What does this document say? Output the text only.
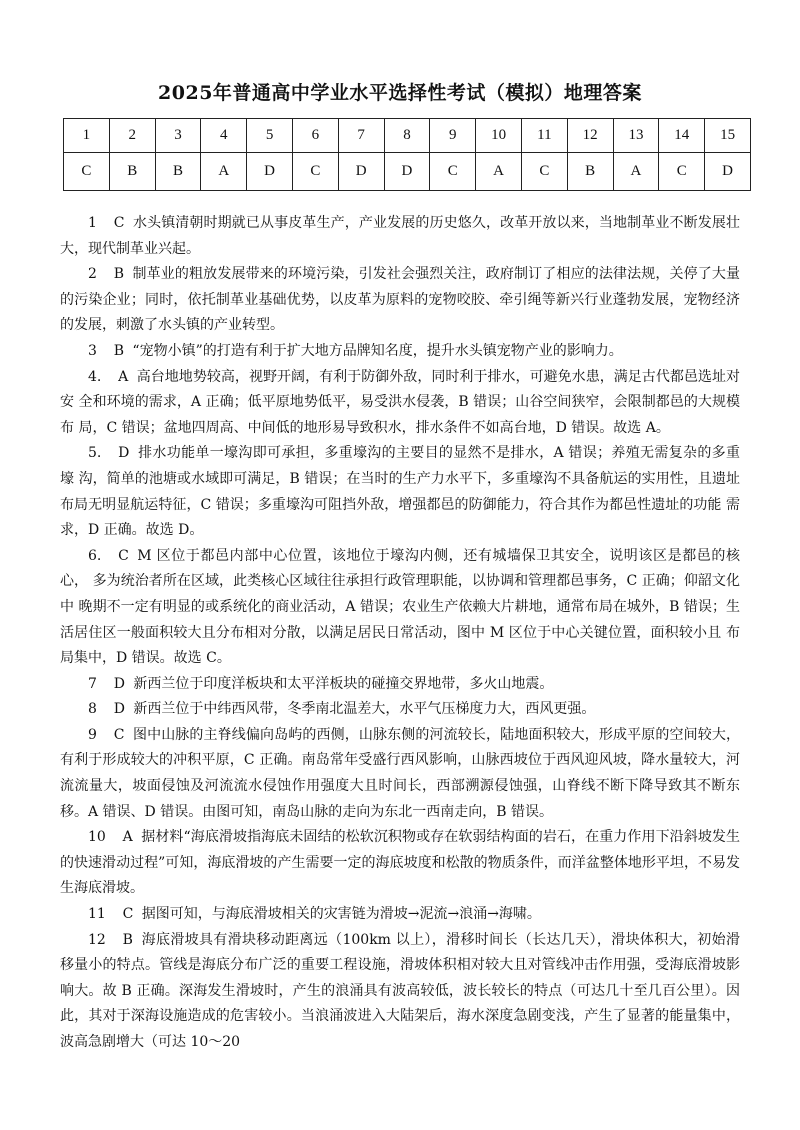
2025年普通高中学业水平选择性考试（模拟）地理答案
1	2	3	4	5	6	7	8	9	10	11	12	13	14	15
C	B	B	A	D	C	D	D	C	A	C	B	A	C	D

1 C 水头镇清朝时期就已从事皮革生产，产业发展的历史悠久，改革开放以来，当地制革业不断发展壮大，现代制革业兴起。

2 B 制革业的粗放发展带来的环境污染，引发社会强烈关注，政府制订了相应的法律法规，关停了大量的污染企业；同时，依托制革业基础优势，以皮革为原料的宠物咬胶、牵引绳等新兴行业蓬勃发展，宠物经济的发展，刺激了水头镇的产业转型。

3 B “宠物小镇”的打造有利于扩大地方品牌知名度，提升水头镇宠物产业的影响力。

4. A 高台地地势较高，视野开阔，有利于防御外敌，同时利于排水，可避免水患，满足古代都邑选址对安 全和环境的需求，A 正确；低平原地势低平，易受洪水侵袭，B 错误；山谷空间狭窄，会限制都邑的大规模布 局，C 错误；盆地四周高、中间低的地形易导致积水，排水条件不如高台地，D 错误。故选 A。

5. D 排水功能单一壕沟即可承担，多重壕沟的主要目的显然不是排水，A 错误；养殖无需复杂的多重壕 沟，简单的池塘或水域即可满足，B 错误；在当时的生产力水平下，多重壕沟不具备航运的实用性，且遗址 布局无明显航运特征，C 错误；多重壕沟可阻挡外敌，增强都邑的防御能力，符合其作为都邑性遗址的功能 需 求，D 正确。故选 D。

6. C M 区位于都邑内部中心位置，该地位于壕沟内侧，还有城墙保卫其安全，说明该区是都邑的核心， 多为统治者所在区域，此类核心区域往往承担行政管理职能，以协调和管理都邑事务，C 正确；仰韶文化中 晚期不一定有明显的或系统化的商业活动，A 错误；农业生产依赖大片耕地，通常布局在城外，B 错误；生 活居住区一般面积较大且分布相对分散，以满足居民日常活动，图中 M 区位于中心关键位置，面积较小且 布局集中，D 错误。故选 C。

7 D 新西兰位于印度洋板块和太平洋板块的碰撞交界地带，多火山地震。

8 D 新西兰位于中纬西风带，冬季南北温差大，水平气压梯度力大，西风更强。

9 C 图中山脉的主脊线偏向岛屿的西侧，山脉东侧的河流较长，陆地面积较大，形成平原的空间较大，有利于形成较大的冲积平原，C 正确。南岛常年受盛行西风影响，山脉西坡位于西风迎风坡，降水量较大，河流流量大，坡面侵蚀及河流流水侵蚀作用强度大且时间长，西部溯源侵蚀强，山脊线不断下降导致其不断东移。A 错误、D 错误。由图可知，南岛山脉的走向为东北一西南走向，B 错误。

10 A 据材料“海底滑坡指海底未固结的松软沉积物或存在软弱结构面的岩石，在重力作用下沿斜坡发生的快速滑动过程”可知，海底滑坡的产生需要一定的海底坡度和松散的物质条件，而洋盆整体地形平坦，不易发生海底滑坡。

11 C 据图可知，与海底滑坡相关的灾害链为滑坡→泥流→浪涌→海啸。

12 B 海底滑坡具有滑块移动距离远（100km 以上），滑移时间长（长达几天），滑块体积大，初始滑移量小的特点。管线是海底分布广泛的重要工程设施，滑坡体积相对较大且对管线冲击作用强，受海底滑坡影响大。故 B 正确。深海发生滑坡时，产生的浪涌具有波高较低，波长较长的特点（可达几十至几百公里）。因此，其对于深海设施造成的危害较小。当浪涌波进入大陆架后，海水深度急剧变浅，产生了显著的能量集中，波高急剧增大（可达 10～20
